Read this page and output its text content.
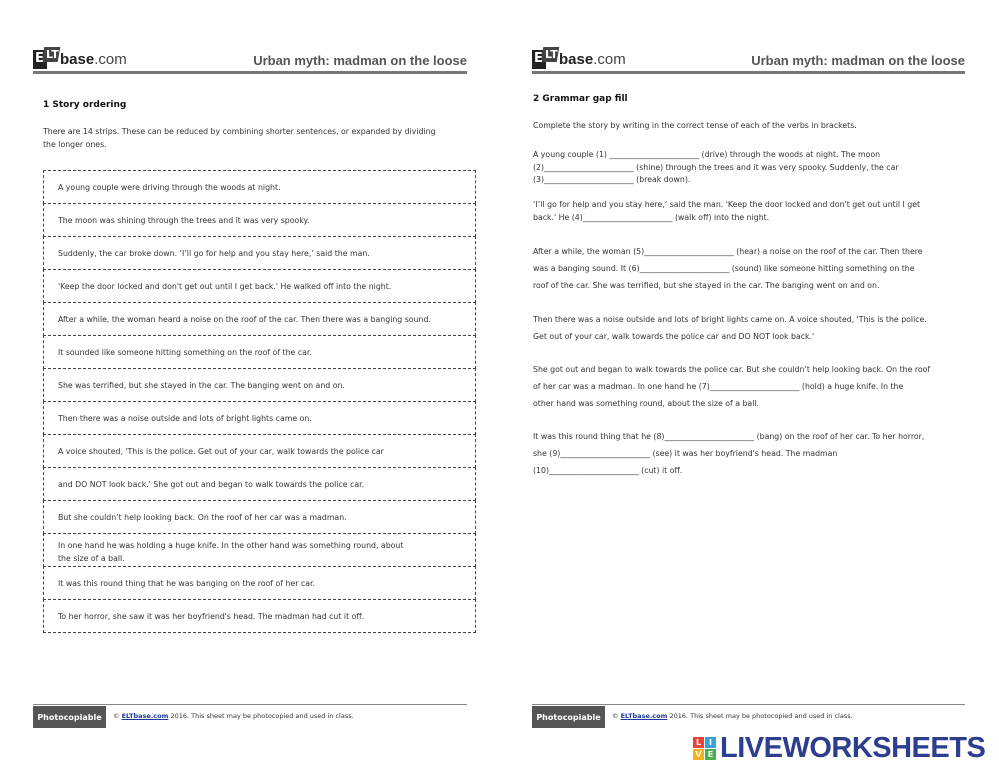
E LT base.com	Urban myth: madman on the loose
1 Story ordering
There are 14 strips. These can be reduced by combining shorter sentences, or expanded by dividing
the longer ones.
A young couple were driving through the woods at night.
The moon was shining through the trees and it was very spooky.
Suddenly, the car broke down. ‘I’ll go for help and you stay here,’ said the man.
'Keep the door locked and don't get out until I get back.' He walked off into the night.
After a while, the woman heard a noise on the roof of the car. Then there was a banging sound.
It sounded like someone hitting something on the roof of the car.
She was terrified, but she stayed in the car. The banging went on and on.
Then there was a noise outside and lots of bright lights came on.
A voice shouted, 'This is the police. Get out of your car, walk towards the police car
and DO NOT look back.' She got out and began to walk towards the police car.
But she couldn’t help looking back. On the roof of her car was a madman.
In one hand he was holding a huge knife. In the other hand was something round, about
the size of a ball.
It was this round thing that he was banging on the roof of her car.
To her horror, she saw it was her boyfriend's head. The madman had cut it off.
Photocopiable	© ELTbase.com 2016. This sheet may be photocopied and used in class.
E LT base.com	Urban myth: madman on the loose
Photocopiable	© ELTbase.com 2016. This sheet may be photocopied and used in class.
2 Grammar gap fill
Complete the story by writing in the correct tense of each of the verbs in brackets.
A young couple (1) _______________________ (drive) through the woods at night. The moon
(2)_______________________ (shine) through the trees and it was very spooky. Suddenly, the car
(3)_______________________ (break down).
‘I’ll go for help and you stay here,’ said the man. 'Keep the door locked and don't get out until I get
back.' He (4)_______________________ (walk off) into the night.
After a while, the woman (5)_______________________ (hear) a noise on the roof of the car. Then there
was a banging sound. It (6)_______________________ (sound) like someone hitting something on the
roof of the car. She was terrified, but she stayed in the car. The banging went on and on.
Then there was a noise outside and lots of bright lights came on. A voice shouted, 'This is the police.
Get out of your car, walk towards the police car and DO NOT look back.'
She got out and began to walk towards the police car. But she couldn’t help looking back. On the roof
of her car was a madman. In one hand he (7)_______________________ (hold) a huge knife. In the
other hand was something round, about the size of a ball.
It was this round thing that he (8)_______________________ (bang) on the roof of her car. To her horror,
she (9)_______________________ (see) it was her boyfriend's head. The madman
(10)_______________________ (cut) it off.
L I
V E LIVEWORKSHEETS
